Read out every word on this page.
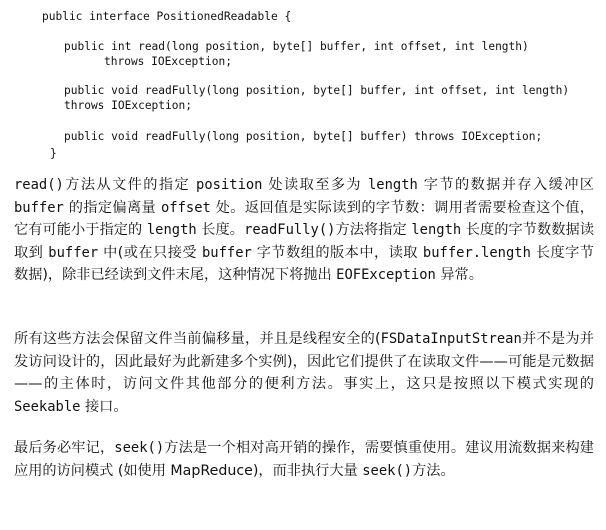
public interface PositionedReadable {
public int read(long position, byte[] buffer, int offset, int length)
throws IOException;
public void readFully(long position, byte[] buffer, int offset, int length)
throws IOException;
public void readFully(long position, byte[] buffer) throws IOException;
}

read()方法从文件的指定 position 处读取至多为 length 字节的数据并存入缓冲区 buffer 的指定偏离量 offset 处。返回值是实际读到的字节数：调用者需要检查这个值，它有可能小于指定的 length 长度。readFully()方法将指定 length 长度的字节数数据读取到 buffer 中(或在只接受 buffer 字节数组的版本中，读取 buffer.length 长度字节数据)，除非已经读到文件末尾，这种情况下将抛出 EOFException 异常。

所有这些方法会保留文件当前偏移量，并且是线程安全的(FSDataInputStrean并不是为并发访问设计的，因此最好为此新建多个实例)，因此它们提供了在读取文件——可能是元数据——的主体时，访问文件其他部分的便利方法。事实上，这只是按照以下模式实现的 Seekable 接口。

最后务必牢记，seek()方法是一个相对高开销的操作，需要慎重使用。建议用流数据来构建应用的访问模式 (如使用 MapReduce)，而非执行大量 seek()方法。
